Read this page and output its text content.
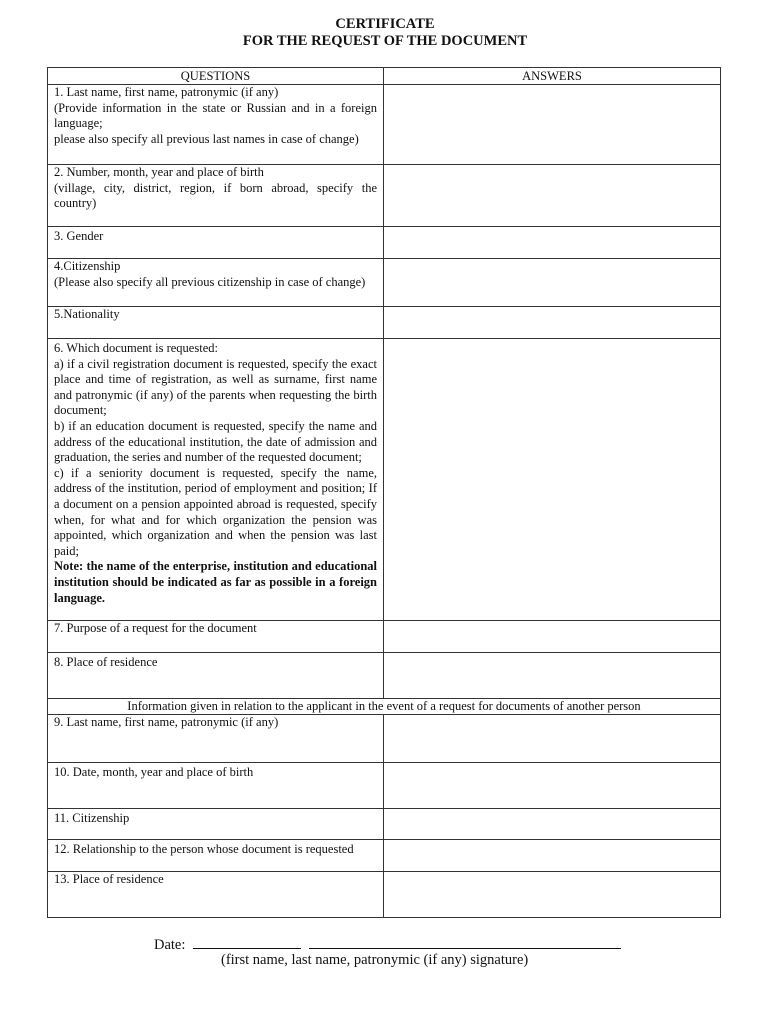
CERTIFICATE
FOR THE REQUEST OF THE DOCUMENT
QUESTIONS	ANSWERS

1. Last name, first name, patronymic (if any)
(Provide information in the state or Russian and in a foreign language;
please also specify all previous last names in case of change)	

2. Number, month, year and place of birth
(village, city, district, region, if born abroad, specify the country)	

3. Gender	

4.Citizenship
(Please also specify all previous citizenship in case of change)	

5.Nationality	

6. Which document is requested:
a) if a civil registration document is requested, specify the exact place and time of registration, as well as surname, first name and patronymic (if any) of the parents when requesting the birth document;
b) if an education document is requested, specify the name and address of the educational institution, the date of admission and graduation, the series and number of the requested document;
c) if a seniority document is requested, specify the name, address of the institution, period of employment and position; If a document on a pension appointed abroad is requested, specify when, for what and for which organization the pension was appointed, which organization and when the pension was last paid;
Note: the name of the enterprise, institution and educational institution should be indicated as far as possible in a foreign language.	

7. Purpose of a request for the document	
8. Place of residence	
Information given in relation to the applicant in the event of a request for documents of another person	
9. Last name, first name, patronymic (if any)	
10. Date, month, year and place of birth	
11. Citizenship	
12. Relationship to the person whose document is requested	
13. Place of residence	
Date:
(first name, last name, patronymic (if any) signature)
